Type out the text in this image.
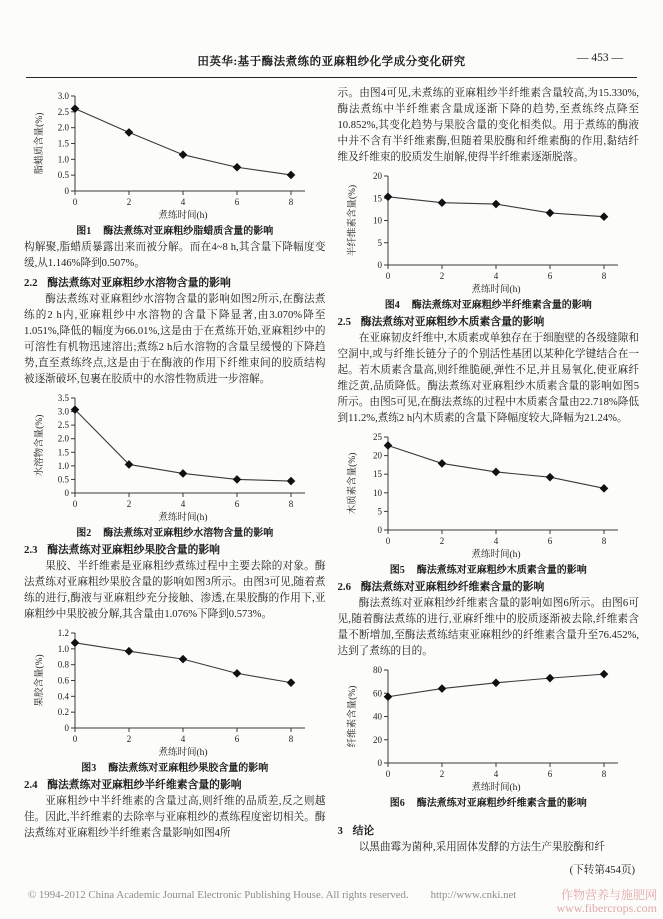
田英华:基于酶法煮练的亚麻粗纱化学成分变化研究	— 453 —
0
0.5
1.0
1.5
2.0
2.5
3.0
0	2	4	6	8
煮练时间(h)
脂蜡质含量(%)
图1 酶法煮练对亚麻粗纱脂蜡质含量的影响

构解聚,脂蜡质暴露出来而被分解。而在4~8 h,其含量下降幅度变缓,从1.146%降到0.507%。

2.2 酶法煮练对亚麻粗纱水溶物含量的影响

酶法煮练对亚麻粗纱水溶物含量的影响如图2所示,在酶法煮练的2 h内,亚麻粗纱中水溶物的含量下降显著,由3.070%降至1.051%,降低的幅度为66.01%,这是由于在煮练开始,亚麻粗纱中的可溶性有机物迅速溶出;煮练2 h后水溶物的含量呈缓慢的下降趋势,直至煮练终点,这是由于在酶液的作用下纤维束间的胶质结构被逐渐破坏,包裹在胶质中的水溶性物质进一步溶解。

0
0.5
1.0
1.5
2.0
2.5
3.0
3.5
0	2	4	6	8
煮练时间(h)
水溶物含量(%)
图2 酶法煮练对亚麻粗纱水溶物含量的影响
2.3 酶法煮练对亚麻粗纱果胶含量的影响

果胶、半纤维素是亚麻粗纱煮练过程中主要去除的对象。酶法煮练对亚麻粗纱果胶含量的影响如图3所示。由图3可见,随着煮练的进行,酶液与亚麻粗纱充分接触、渗透,在果胶酶的作用下,亚麻粗纱中果胶被分解,其含量由1.076%下降到0.573%。

0
0.2
0.4
0.6
0.8
1.0
1.2
0	2	4	6	8
煮练时间(h)
果胶含量(%)
图3 酶法煮练对亚麻粗纱果胶含量的影响
2.4 酶法煮练对亚麻粗纱半纤维素含量的影响

亚麻粗纱中半纤维素的含量过高,则纤维的品质差,反之则越佳。因此,半纤维素的去除率与亚麻粗纱的煮练程度密切相关。酶法煮练对亚麻粗纱半纤维素含量影响如图4所

示。由图4可见,未煮练的亚麻粗纱半纤维素含量较高,为15.330%,酶法煮练中半纤维素含量成逐渐下降的趋势,至煮练终点降至10.852%,其变化趋势与果胶含量的变化相类似。用于煮练的酶液中并不含有半纤维素酶,但随着果胶酶和纤维素酶的作用,黏结纤维及纤维束的胶质发生崩解,使得半纤维素逐渐脱落。

0
5
10
15
20
0	2	4	6	8
煮练时间(h)
半纤维素含量(%)
图4 酶法煮练对亚麻粗纱半纤维素含量的影响
2.5 酶法煮练对亚麻粗纱木质素含量的影响

在亚麻韧皮纤维中,木质素或单独存在于细胞壁的各级缝隙和空洞中,或与纤维长链分子的个别活性基团以某种化学键结合在一起。若木质素含量高,则纤维脆硬,弹性不足,并且易氧化,使亚麻纤维泛黄,品质降低。酶法煮练对亚麻粗纱木质素含量的影响如图5所示。由图5可见,在酶法煮练的过程中木质素含量由22.718%降低到11.2%,煮练2 h内木质素的含量下降幅度较大,降幅为21.24%。

0
5
10
15
20
25
0	2	4	6	8
煮练时间(h)
木质素含量(%)
图5 酶法煮练对亚麻粗纱木质素含量的影响
2.6 酶法煮练对亚麻粗纱纤维素含量的影响

酶法煮练对亚麻粗纱纤维素含量的影响如图6所示。由图6可见,随着酶法煮练的进行,亚麻纤维中的胶质逐渐被去除,纤维素含量不断增加,至酶法煮练结束亚麻粗纱的纤维素含量升至76.452%,达到了煮练的目的。

0
20
40
60
80
0	2	4	6	8
煮练时间(h)
纤维素含量(%)
图6 酶法煮练对亚麻粗纱纤维素含量的影响
3 结论

以黑曲霉为菌种,采用固体发酵的方法生产果胶酶和纤

(下转第454页)
© 1994-2012 China Academic Journal Electronic Publishing House. All rights reserved. http://www.cnki.net	作物营养与施肥网
www.fibercrops.com
